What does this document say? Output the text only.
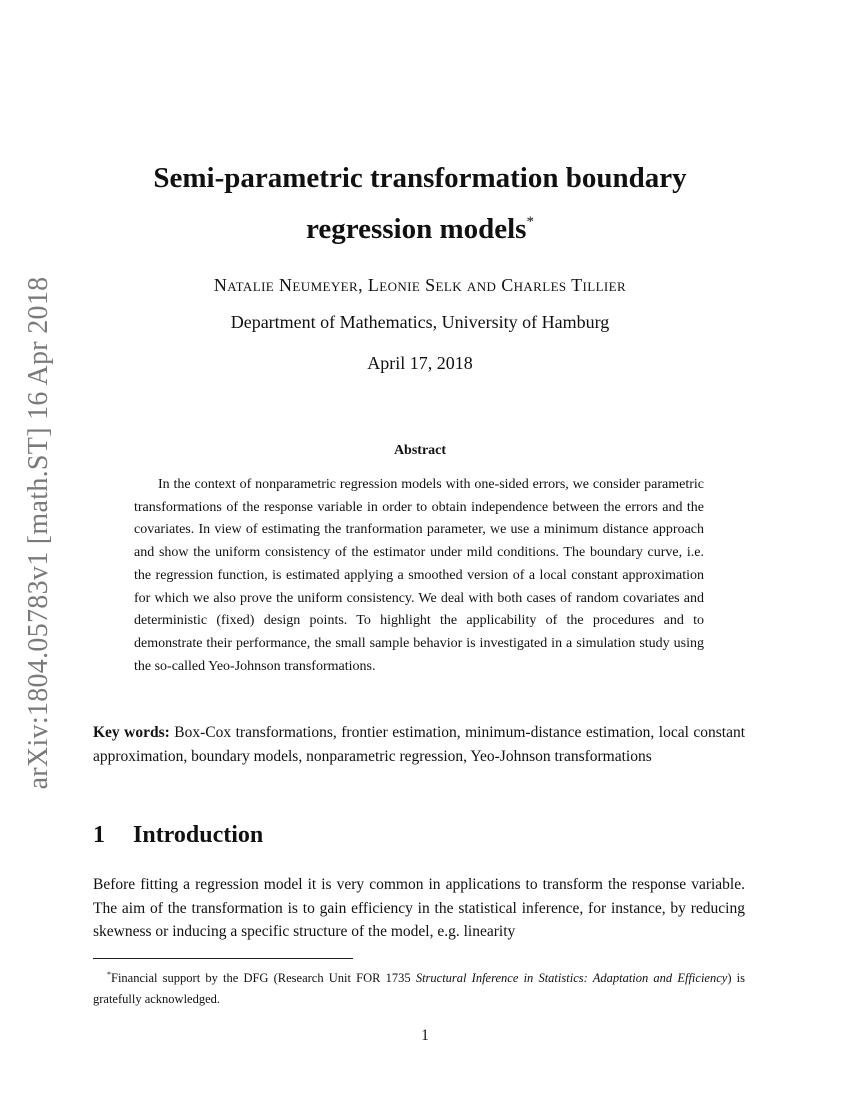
arXiv:1804.05783v1 [math.ST] 16 Apr 2018
Semi-parametric transformation boundary
regression models*
Natalie Neumeyer, Leonie Selk and Charles Tillier
Department of Mathematics, University of Hamburg
April 17, 2018
Abstract
In the context of nonparametric regression models with one-sided errors, we consider parametric transformations of the response variable in order to obtain independence between the errors and the covariates. In view of estimating the tranformation parameter, we use a minimum distance approach and show the uniform consistency of the estimator under mild conditions. The boundary curve, i.e. the regression function, is estimated applying a smoothed version of a local constant approximation for which we also prove the uniform consistency. We deal with both cases of random covariates and deterministic (fixed) design points. To highlight the applicability of the procedures and to demonstrate their performance, the small sample behavior is investigated in a simulation study using the so-called Yeo-Johnson transformations.
Key words: Box-Cox transformations, frontier estimation, minimum-distance estimation, local constant approximation, boundary models, nonparametric regression, Yeo-Johnson transformations
1 Introduction
Before fitting a regression model it is very common in applications to transform the response variable. The aim of the transformation is to gain efficiency in the statistical inference, for instance, by reducing skewness or inducing a specific structure of the model, e.g. linearity
*Financial support by the DFG (Research Unit FOR 1735 Structural Inference in Statistics: Adaptation and Efficiency) is gratefully acknowledged.
1
